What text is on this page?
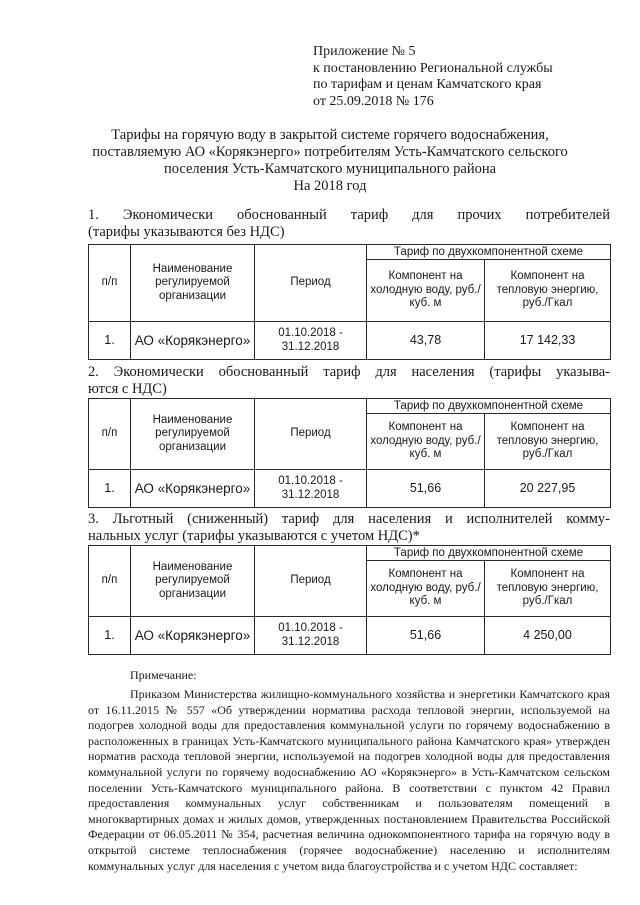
Приложение № 5
к постановлению Региональной службы
по тарифам и ценам Камчатского края
от 25.09.2018 № 176
Тарифы на горячую воду в закрытой системе горячего водоснабжения,
поставляемую АО «Корякэнерго» потребителям Усть-Камчатского сельского
поселения Усть-Камчатского муниципального района
На 2018 год
1. Экономически обоснованный тариф для прочих потребителей
(тарифы указываются без НДС)
п/п	Наименование регулируемой организации	Период	Тариф по двухкомпонентной схеме	
			Компонент на холодную воду, руб./куб. м	Компонент на тепловую энергию, руб./Гкал
1.	АО «Корякэнерго»	01.10.2018 - 31.12.2018	43,78	17 142,33
2. Экономически обоснованный тариф для населения (тарифы указыва-
ются с НДС)
п/п	Наименование регулируемой организации	Период	Тариф по двухкомпонентной схеме	
			Компонент на холодную воду, руб./куб. м	Компонент на тепловую энергию, руб./Гкал
1.	АО «Корякэнерго»	01.10.2018 - 31.12.2018	51,66	20 227,95
3. Льготный (сниженный) тариф для населения и исполнителей комму-
нальных услуг (тарифы указываются с учетом НДС)*
п/п	Наименование регулируемой организации	Период	Тариф по двухкомпонентной схеме	
			Компонент на холодную воду, руб./куб. м	Компонент на тепловую энергию, руб./Гкал
1.	АО «Корякэнерго»	01.10.2018 - 31.12.2018	51,66	4 250,00
Примечание:
Приказом Министерства жилищно-коммунального хозяйства и энергетики Камчатского края от 16.11.2015 № 557 «Об утверждении норматива расхода тепловой энергии, используемой на подогрев холодной воды для предоставления коммунальной услуги по горячему водоснабжению в расположенных в границах Усть-Камчатского муниципального района Камчатского края» утвержден норматив расхода тепловой энергии, используемой на подогрев холодной воды для предоставления коммунальной услуги по горячему водоснабжению АО «Корякэнерго» в Усть-Камчатском сельском поселении Усть-Камчатского муниципального района. В соответствии с пунктом 42 Правил предоставления коммунальных услуг собственникам и пользователям помещений в многоквартирных домах и жилых домов, утвержденных постановлением Правительства Российской Федерации от 06.05.2011 № 354, расчетная величина однокомпонентного тарифа на горячую воду в открытой системе теплоснабжения (горячее водоснабжение) населению и исполнителям коммунальных услуг для населения с учетом вида благоустройства и с учетом НДС составляет:
